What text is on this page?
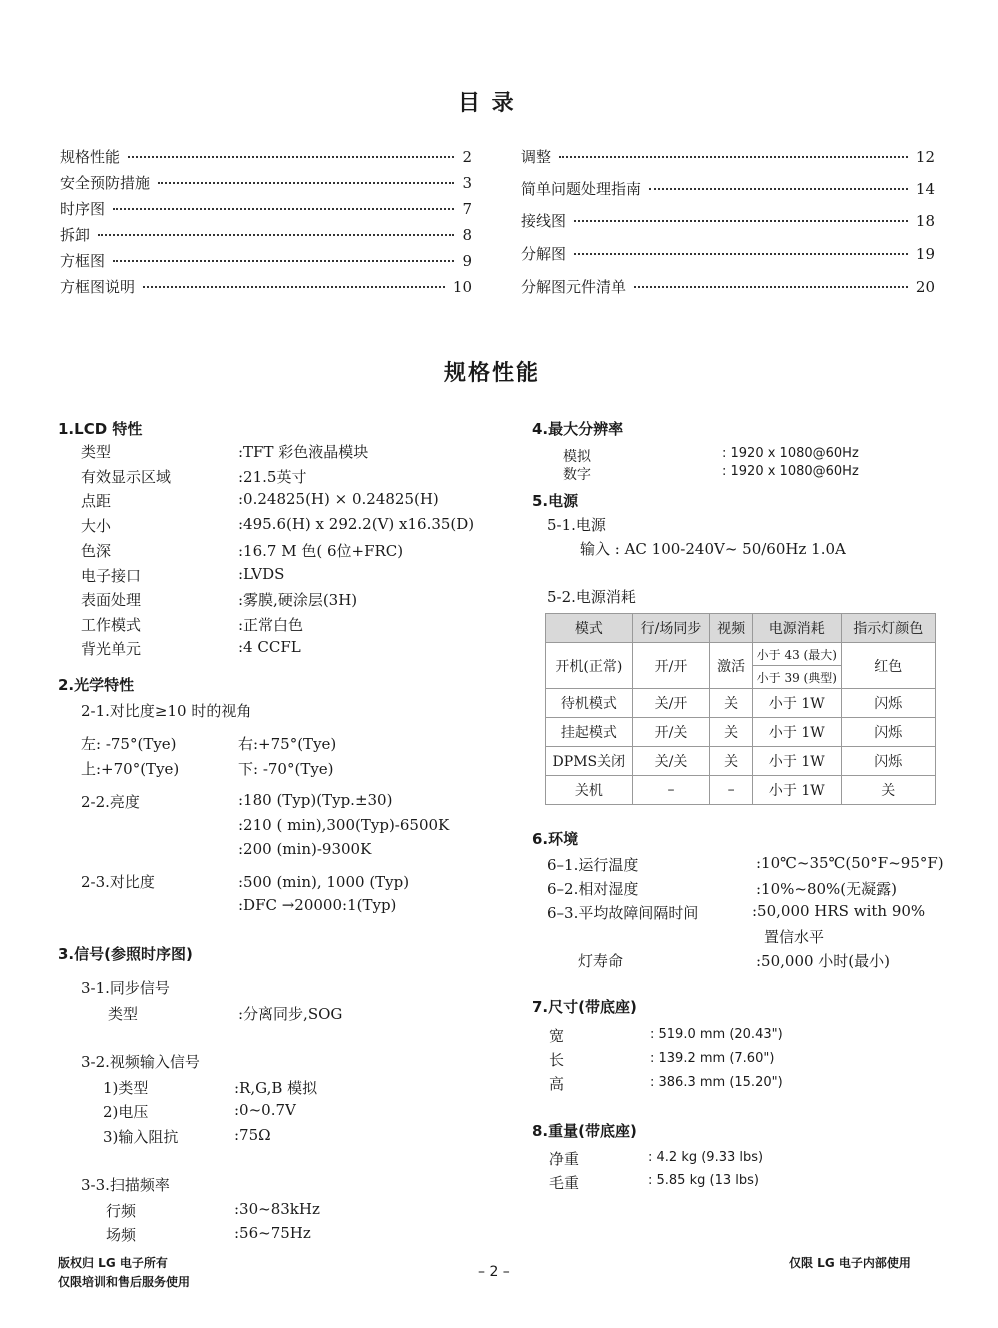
目 录
规格性能	2
安全预防措施	3
时序图	7
拆卸	8
方框图	9
方框图说明	10
调整	12
简单问题处理指南	14
接线图	18
分解图	19
分解图元件清单	20
规格性能
1.LCD 特性
类型	:TFT 彩色液晶模块
有效显示区域	:21.5英寸
点距	:0.24825(H) × 0.24825(H)
大小	:495.6(H) x 292.2(V) x16.35(D)
色深	:16.7 M 色( 6位+FRC)
电子接口	:LVDS
表面处理	:雾膜,硬涂层(3H)
工作模式	:正常白色
背光单元	:4 CCFL
2.光学特性
2-1.对比度≥10 时的视角
左: -75°(Tye)	右:+75°(Tye)
上:+70°(Tye)	下: -70°(Tye)
2-2.亮度	:180 (Typ)(Typ.±30)
:210 ( min),300(Typ)-6500K
:200 (min)-9300K
2-3.对比度	:500 (min), 1000 (Typ)
:DFC →20000:1(Typ)
3.信号(参照时序图)
3-1.同步信号
类型	:分离同步,SOG
3-2.视频输入信号
1)类型	:R,G,B 模拟
2)电压	:0~0.7V
3)输入阻抗	:75Ω
3-3.扫描频率
行频	:30~83kHz
场频	:56~75Hz
4.最大分辨率
模拟	: 1920 x 1080@60Hz
数字	: 1920 x 1080@60Hz
5.电源
5-1.电源
输入 : AC 100-240V~ 50/60Hz 1.0A
5-2.电源消耗
模式	行/场同步	视频	电源消耗	指示灯颜色
开机(正常)	开/开	激活	小于 43 (最大)	红色
			小于 39 (典型)	
待机模式	关/开	关	小于 1W	闪烁
挂起模式	开/关	关	小于 1W	闪烁
DPMS关闭	关/关	关	小于 1W	闪烁
关机	–	–	小于 1W	关
6.环境
6–1.运行温度	:10℃~35℃(50°F~95°F)
6–2.相对湿度	:10%~80%(无凝露)
6–3.平均故障间隔时间	:50,000 HRS with 90%
置信水平
灯寿命	:50,000 小时(最小)
7.尺寸(带底座)
宽	: 519.0 mm (20.43")
长	: 139.2 mm (7.60")
高	: 386.3 mm (15.20")
8.重量(带底座)
净重	: 4.2 kg (9.33 lbs)
毛重	: 5.85 kg (13 lbs)
版权归 LG 电子所有
仅限培训和售后服务使用
– 2 –
仅限 LG 电子内部使用
